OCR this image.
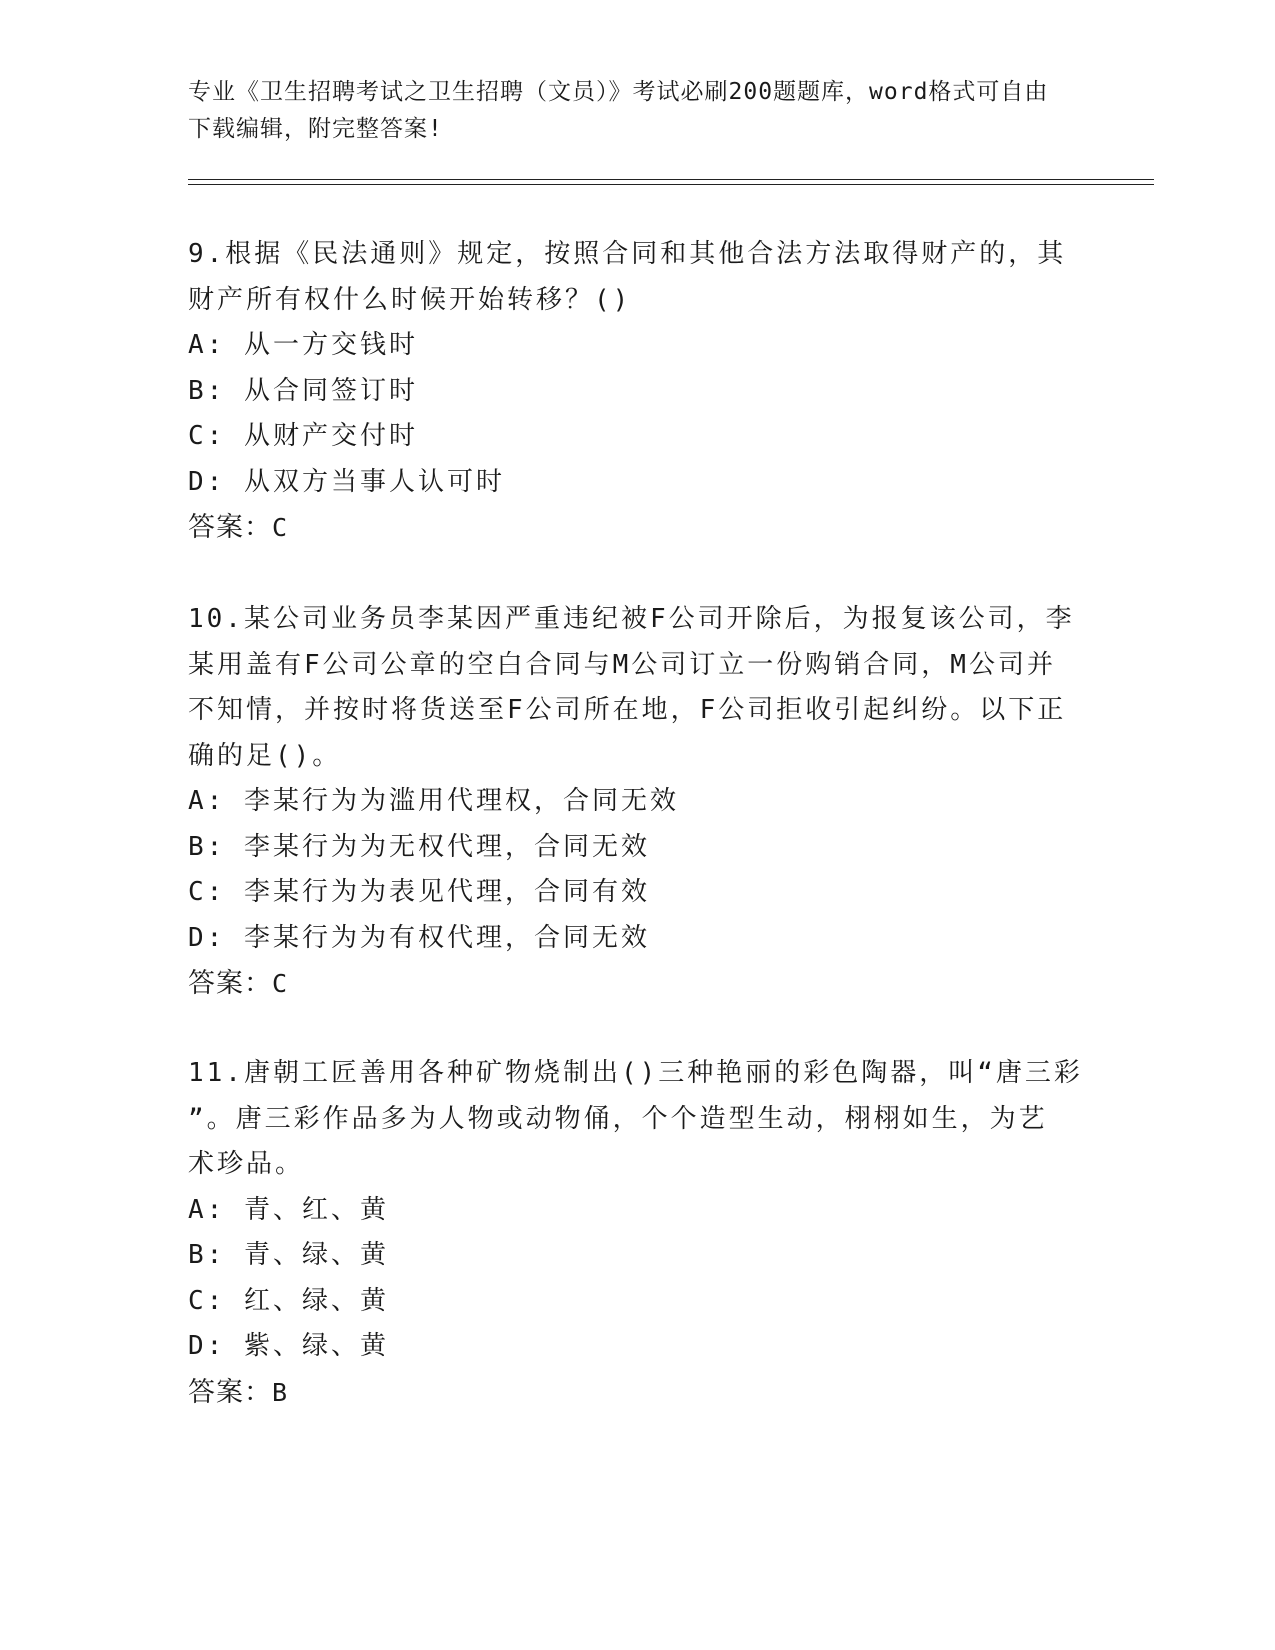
专业《卫生招聘考试之卫生招聘（文员）》考试必刷200题题库，word格式可自由下载编辑，附完整答案!

9.根据《民法通则》规定，按照合同和其他合法方法取得财产的，其
财产所有权什么时候开始转移？()

A: 从一方交钱时
B: 从合同签订时
C: 从财产交付时
D: 从双方当事人认可时
答案：C

10.某公司业务员李某因严重违纪被F公司开除后，为报复该公司，李
某用盖有F公司公章的空白合同与M公司订立一份购销合同，M公司并
不知情，并按时将货送至F公司所在地，F公司拒收引起纠纷。以下正
确的足()。

A: 李某行为为滥用代理权，合同无效
B: 李某行为为无权代理，合同无效
C: 李某行为为表见代理，合同有效
D: 李某行为为有权代理，合同无效
答案：C

11.唐朝工匠善用各种矿物烧制出()三种艳丽的彩色陶器，叫“唐三彩
”。唐三彩作品多为人物或动物俑，个个造型生动，栩栩如生，为艺
术珍品。

A: 青、红、黄
B: 青、绿、黄
C: 红、绿、黄
D: 紫、绿、黄
答案：B
